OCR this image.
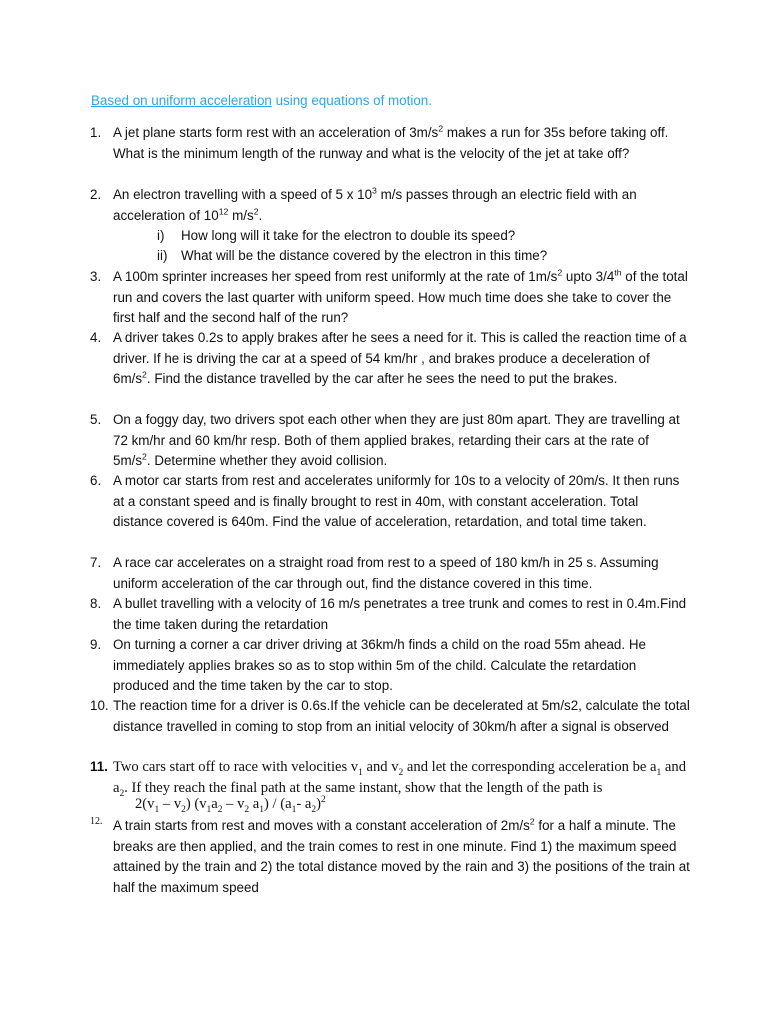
Based on uniform acceleration using equations of motion.
1. A jet plane starts form rest with an acceleration of $3m/s^2$ makes a run for 35s before taking off. What is the minimum length of the runway and what is the velocity of the jet at take off?
2. An electron travelling with a speed of 5 x $10^3$ m/s passes through an electric field with an acceleration of $10^{12}$ $m/s^2$.
i) How long will it take for the electron to double its speed?
ii) What will be the distance covered by the electron in this time?
3. A 100m sprinter increases her speed from rest uniformly at the rate of $1m/s^2$ upto 3/4th of the total run and covers the last quarter with uniform speed. How much time does she take to cover the first half and the second half of the run?
4. A driver takes 0.2s to apply brakes after he sees a need for it. This is called the reaction time of a driver. If he is driving the car at a speed of 54 km/hr , and brakes produce a deceleration of $6m/s^2$. Find the distance travelled by the car after he sees the need to put the brakes.
5. On a foggy day, two drivers spot each other when they are just 80m apart. They are travelling at 72 km/hr and 60 km/hr resp. Both of them applied brakes, retarding their cars at the rate of $5m/s^2$. Determine whether they avoid collision.
6. A motor car starts from rest and accelerates uniformly for 10s to a velocity of 20m/s. It then runs at a constant speed and is finally brought to rest in 40m, with constant acceleration. Total distance covered is 640m. Find the value of acceleration, retardation, and total time taken.
7. A race car accelerates on a straight road from rest to a speed of 180 km/h in 25 s. Assuming uniform acceleration of the car through out, find the distance covered in this time.
8. A bullet travelling with a velocity of 16 m/s penetrates a tree trunk and comes to rest in 0.4m.Find the time taken during the retardation
9. On turning a corner a car driver driving at 36km/h finds a child on the road 55m ahead. He immediately applies brakes so as to stop within 5m of the child. Calculate the retardation produced and the time taken by the car to stop.
10. The reaction time for a driver is 0.6s.If the vehicle can be decelerated at 5m/s2, calculate the total distance travelled in coming to stop from an initial velocity of 30km/h after a signal is observed
11. Two cars start off to race with velocities $v_1$ and $v_2$ and let the corresponding acceleration be $a_1$ and $a_2$. If they reach the final path at the same instant, show that the length of the path is
$2(v_1 - v_2)$ ($v_1a_2 - v_2$ $a_1) / (a_1-$ $a_2)^2$
12. A train starts from rest and moves with a constant acceleration of $2m/s^2$ for a half a minute. The breaks are then applied, and the train comes to rest in one minute. Find 1) the maximum speed attained by the train and 2) the total distance moved by the rain and 3) the positions of the train at half the maximum speed
